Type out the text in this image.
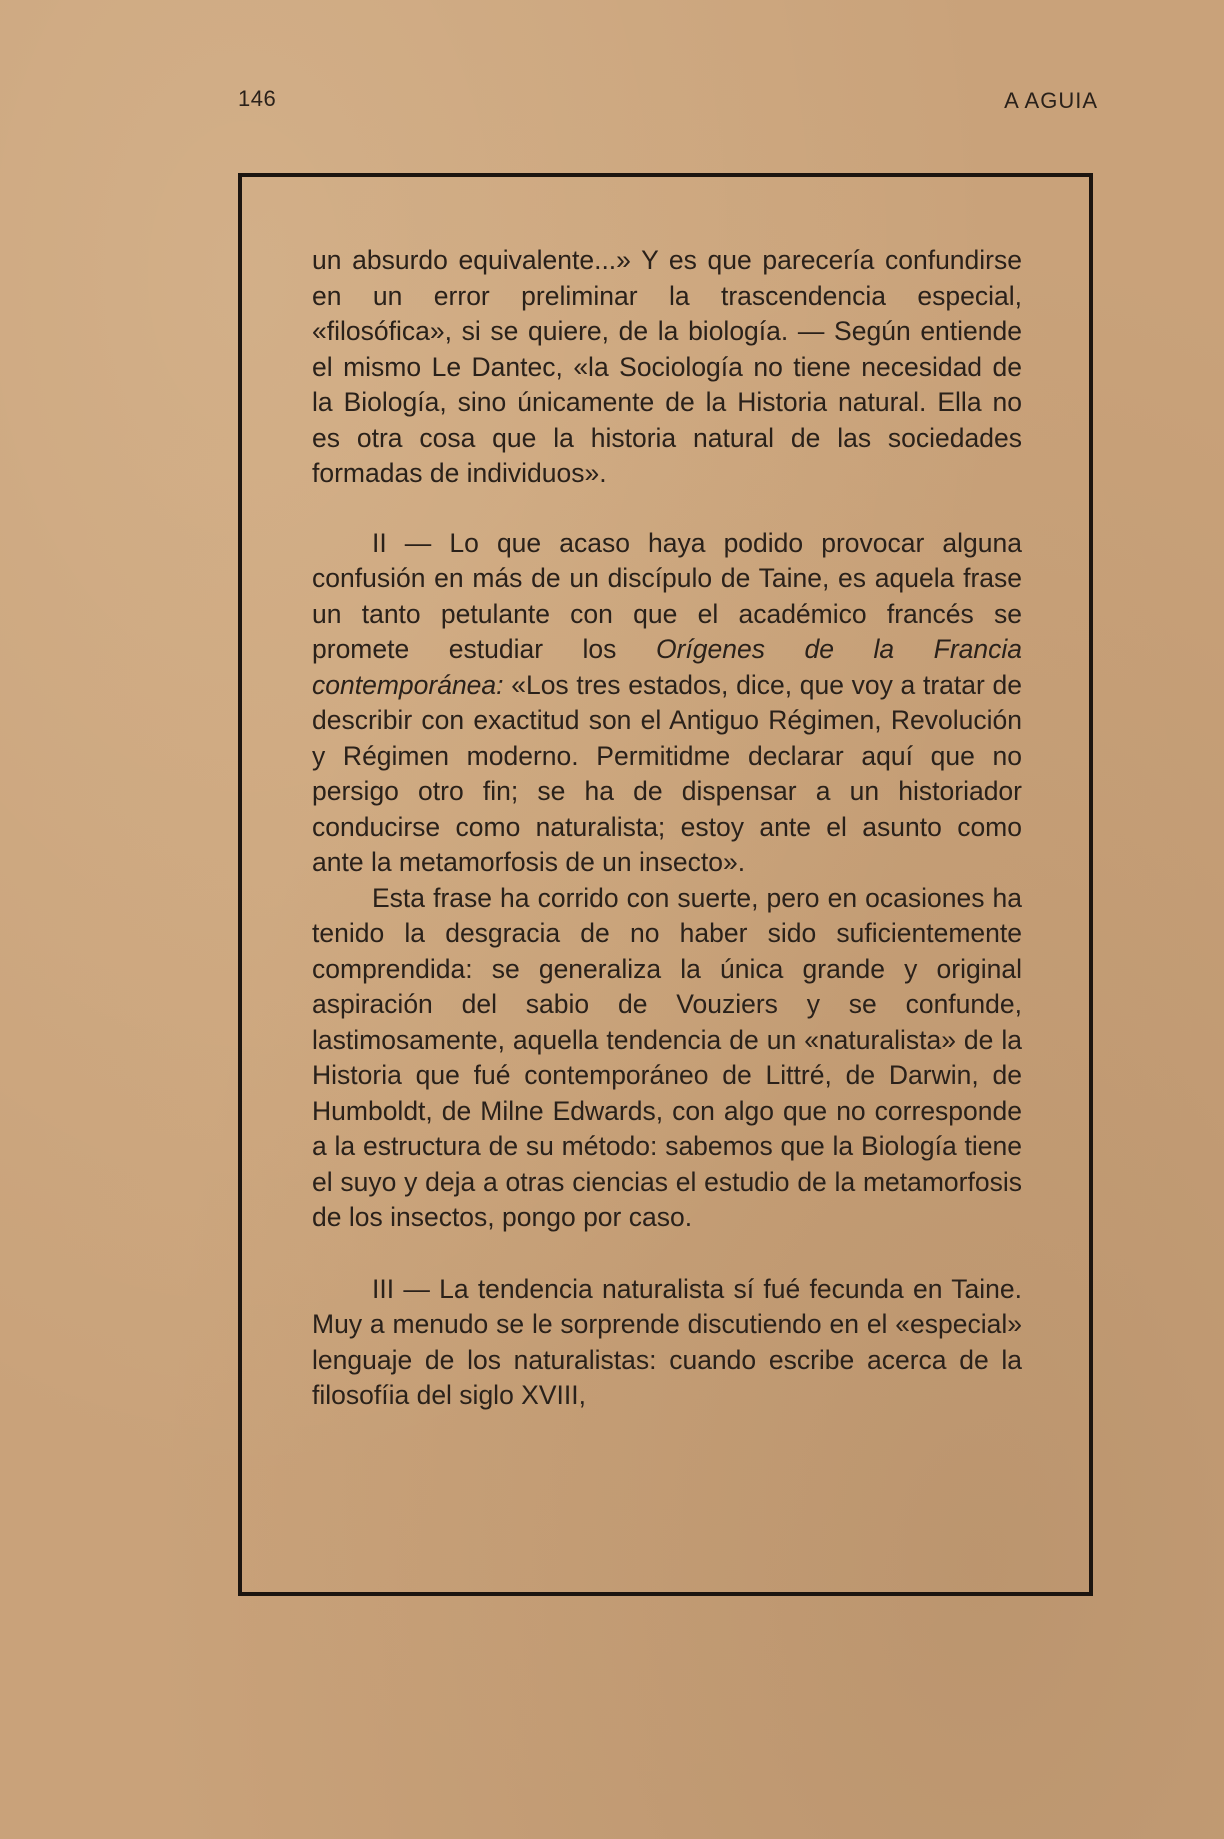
146	A AGUIA

un absurdo equivalente...» Y es que parecería confundirse en un error preliminar la trascendencia especial, «filosófica», si se quiere, de la biología. — Según entiende el mismo Le Dantec, «la Sociología no tiene necesidad de la Biología, sino únicamente de la Historia natural. Ella no es otra cosa que la historia natural de las sociedades formadas de individuos».

II — Lo que acaso haya podido provocar alguna confusión en más de un discípulo de Taine, es aquela frase un tanto petulante con que el académico francés se promete estudiar los Orígenes de la Francia contemporánea: «Los tres estados, dice, que voy a tratar de describir con exactitud son el Antiguo Régimen, Revolución y Régimen moderno. Permitidme declarar aquí que no persigo otro fin; se ha de dispensar a un historiador conducirse como naturalista; estoy ante el asunto como ante la metamorfosis de un insecto».

Esta frase ha corrido con suerte, pero en ocasiones ha tenido la desgracia de no haber sido suficientemente comprendida: se generaliza la única grande y original aspiración del sabio de Vouziers y se confunde, lastimosamente, aquella tendencia de un «naturalista» de la Historia que fué contemporáneo de Littré, de Darwin, de Humboldt, de Milne Edwards, con algo que no corresponde a la estructura de su método: sabemos que la Biología tiene el suyo y deja a otras ciencias el estudio de la metamorfosis de los insectos, pongo por caso.

III — La tendencia naturalista sí fué fecunda en Taine. Muy a menudo se le sorprende discutiendo en el «especial» lenguaje de los naturalistas: cuando escribe acerca de la filosofíia del siglo XVIII,
